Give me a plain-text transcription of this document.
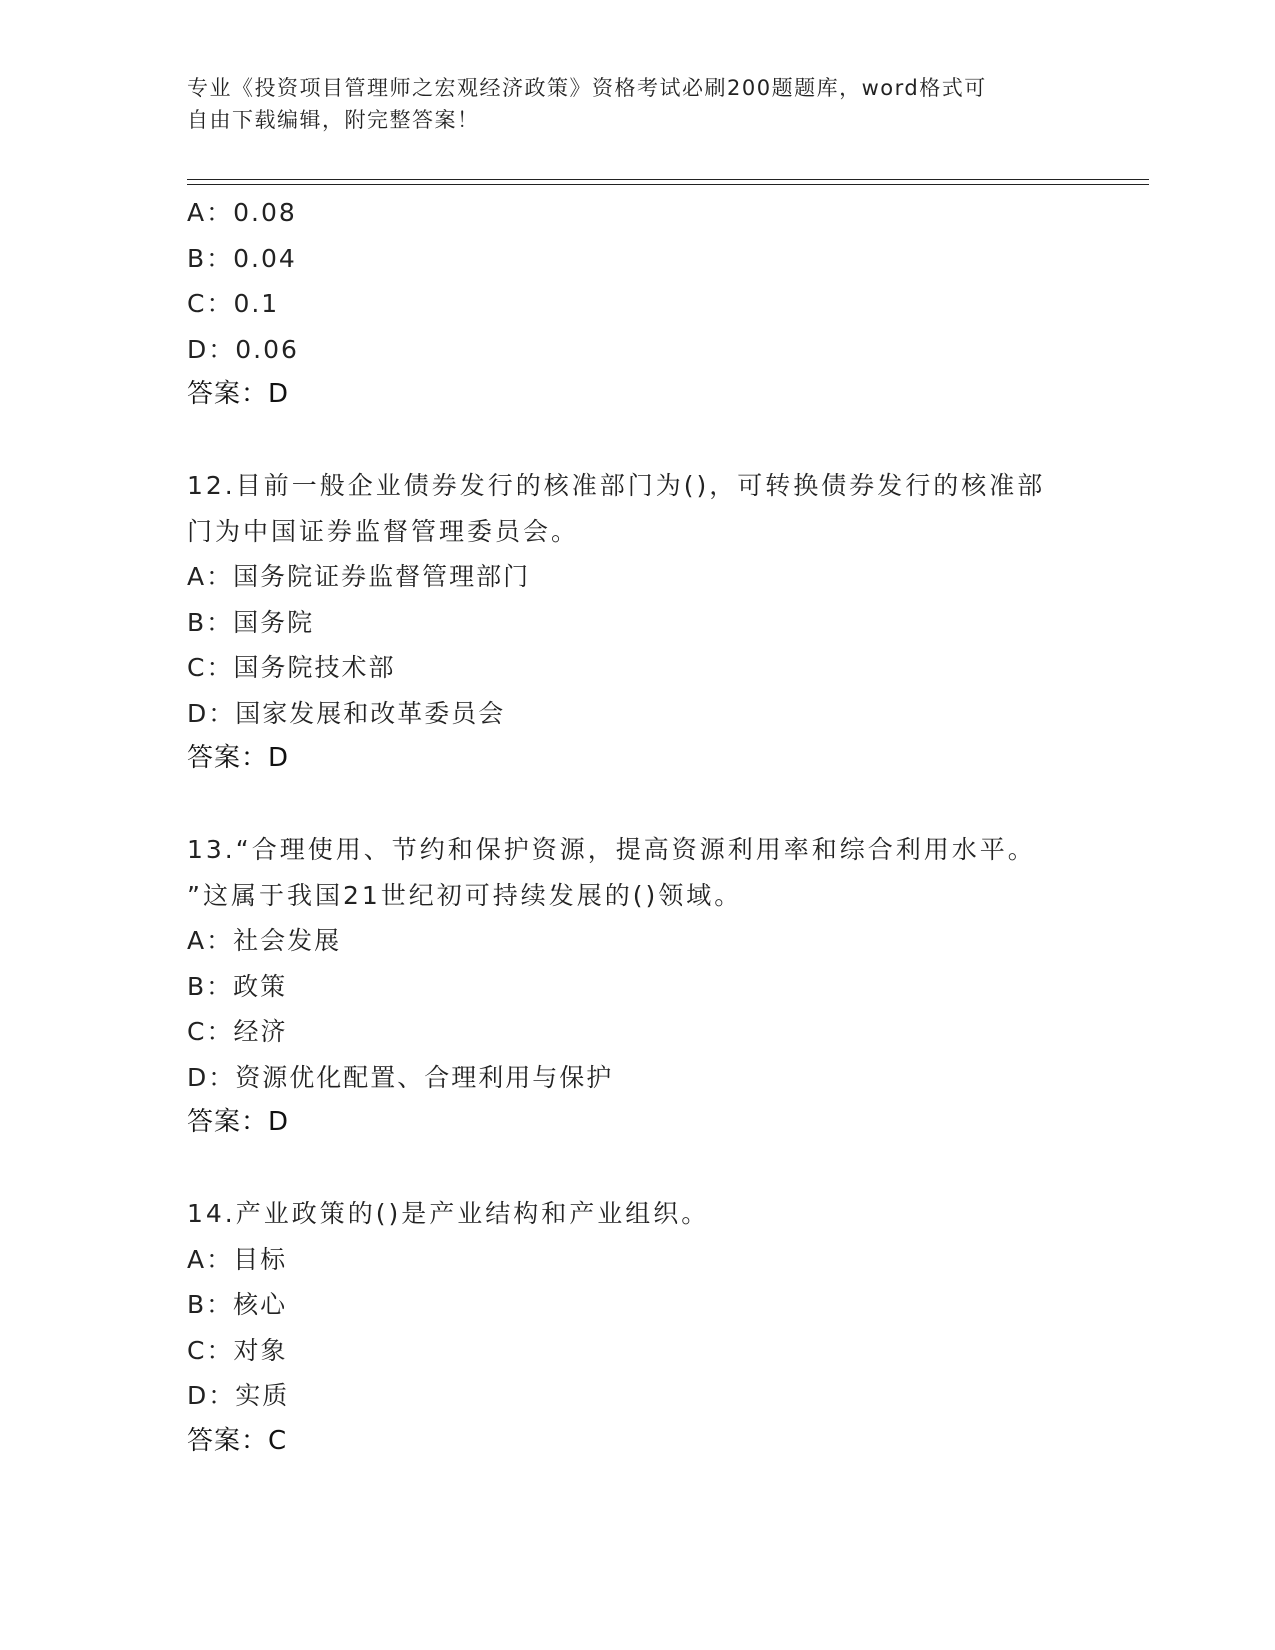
专业《投资项目管理师之宏观经济政策》资格考试必刷200题题库，word格式可
自由下载编辑，附完整答案！
A：0.08
B：0.04
C：0.1
D：0.06
答案：D
12.目前一般企业债券发行的核准部门为()，可转换债券发行的核准部
门为中国证券监督管理委员会。
A：国务院证券监督管理部门
B：国务院
C：国务院技术部
D：国家发展和改革委员会
答案：D
13.“合理使用、节约和保护资源，提高资源利用率和综合利用水平。
”这属于我国21世纪初可持续发展的()领域。
A：社会发展
B：政策
C：经济
D：资源优化配置、合理利用与保护
答案：D
14.产业政策的()是产业结构和产业组织。
A：目标
B：核心
C：对象
D：实质
答案：C
